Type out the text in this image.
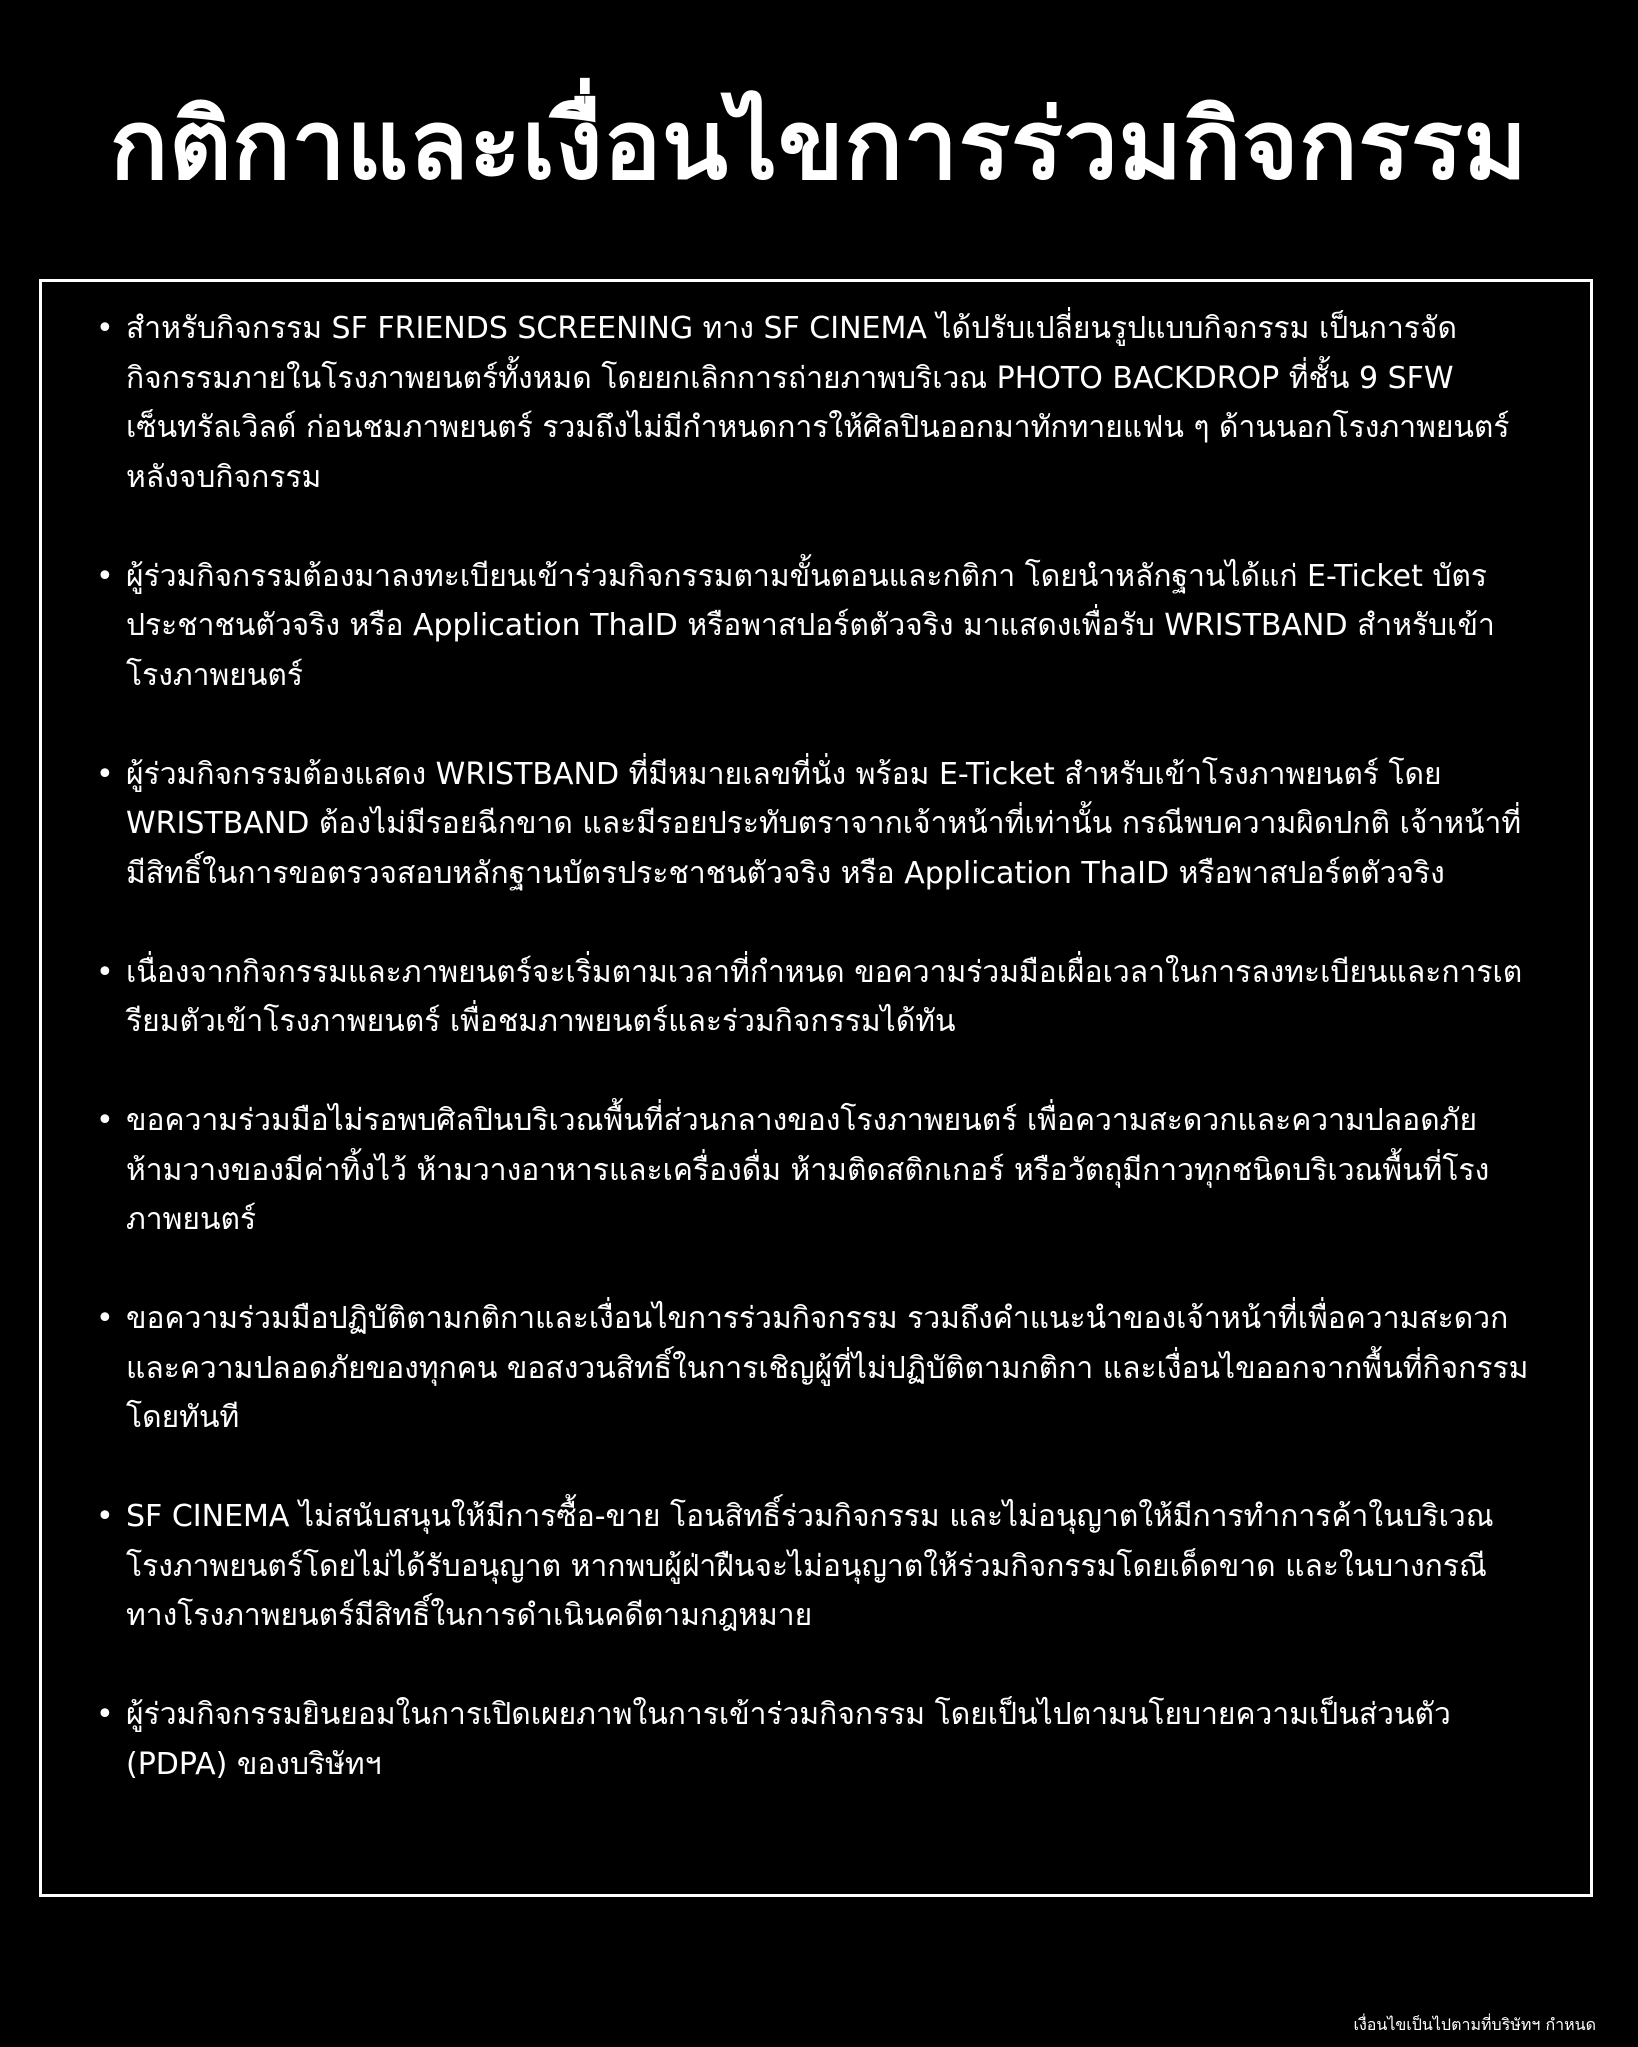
กติกาและเงื่อนไขการร่วมกิจกรรม
• สำหรับกิจกรรม SF FRIENDS SCREENING ทาง SF CINEMA ได้ปรับเปลี่ยนรูปแบบกิจกรรม เป็นการจัดกิจกรรมภายในโรงภาพยนตร์ทั้งหมด โดยยกเลิกการถ่ายภาพบริเวณ PHOTO BACKDROP ที่ชั้น 9 SFW เซ็นทรัลเวิลด์ ก่อนชมภาพยนตร์ รวมถึงไม่มีกำหนดการให้ศิลปินออกมาทักทายแฟน ๆ ด้านนอกโรงภาพยนตร์หลังจบกิจกรรม
• ผู้ร่วมกิจกรรมต้องมาลงทะเบียนเข้าร่วมกิจกรรมตามขั้นตอนและกติกา โดยนำหลักฐานได้แก่ E-Ticket บัตรประชาชนตัวจริง หรือ Application ThaID หรือพาสปอร์ตตัวจริง มาแสดงเพื่อรับ WRISTBAND สำหรับเข้าโรงภาพยนตร์
• ผู้ร่วมกิจกรรมต้องแสดง WRISTBAND ที่มีหมายเลขที่นั่ง พร้อม E-Ticket สำหรับเข้าโรงภาพยนตร์ โดย WRISTBAND ต้องไม่มีรอยฉีกขาด และมีรอยประทับตราจากเจ้าหน้าที่เท่านั้น กรณีพบความผิดปกติ เจ้าหน้าที่มีสิทธิ์ในการขอตรวจสอบหลักฐานบัตรประชาชนตัวจริง หรือ Application ThaID หรือพาสปอร์ตตัวจริง
• เนื่องจากกิจกรรมและภาพยนตร์จะเริ่มตามเวลาที่กำหนด ขอความร่วมมือเผื่อเวลาในการลงทะเบียนและการเตรียมตัวเข้าโรงภาพยนตร์ เพื่อชมภาพยนตร์และร่วมกิจกรรมได้ทัน
• ขอความร่วมมือไม่รอพบศิลปินบริเวณพื้นที่ส่วนกลางของโรงภาพยนตร์ เพื่อความสะดวกและความปลอดภัย ห้ามวางของมีค่าทิ้งไว้ ห้ามวางอาหารและเครื่องดื่ม ห้ามติดสติกเกอร์ หรือวัตถุมีกาวทุกชนิดบริเวณพื้นที่โรงภาพยนตร์
• ขอความร่วมมือปฏิบัติตามกติกาและเงื่อนไขการร่วมกิจกรรม รวมถึงคำแนะนำของเจ้าหน้าที่เพื่อความสะดวกและความปลอดภัยของทุกคน ขอสงวนสิทธิ์ในการเชิญผู้ที่ไม่ปฏิบัติตามกติกา และเงื่อนไขออกจากพื้นที่กิจกรรมโดยทันที
• SF CINEMA ไม่สนับสนุนให้มีการซื้อ-ขาย โอนสิทธิ์ร่วมกิจกรรม และไม่อนุญาตให้มีการทำการค้าในบริเวณโรงภาพยนตร์โดยไม่ได้รับอนุญาต หากพบผู้ฝ่าฝืนจะไม่อนุญาตให้ร่วมกิจกรรมโดยเด็ดขาด และในบางกรณีทางโรงภาพยนตร์มีสิทธิ์ในการดำเนินคดีตามกฎหมาย
• ผู้ร่วมกิจกรรมยินยอมในการเปิดเผยภาพในการเข้าร่วมกิจกรรม โดยเป็นไปตามนโยบายความเป็นส่วนตัว (PDPA) ของบริษัทฯ
เงื่อนไขเป็นไปตามที่บริษัทฯ กำหนด
